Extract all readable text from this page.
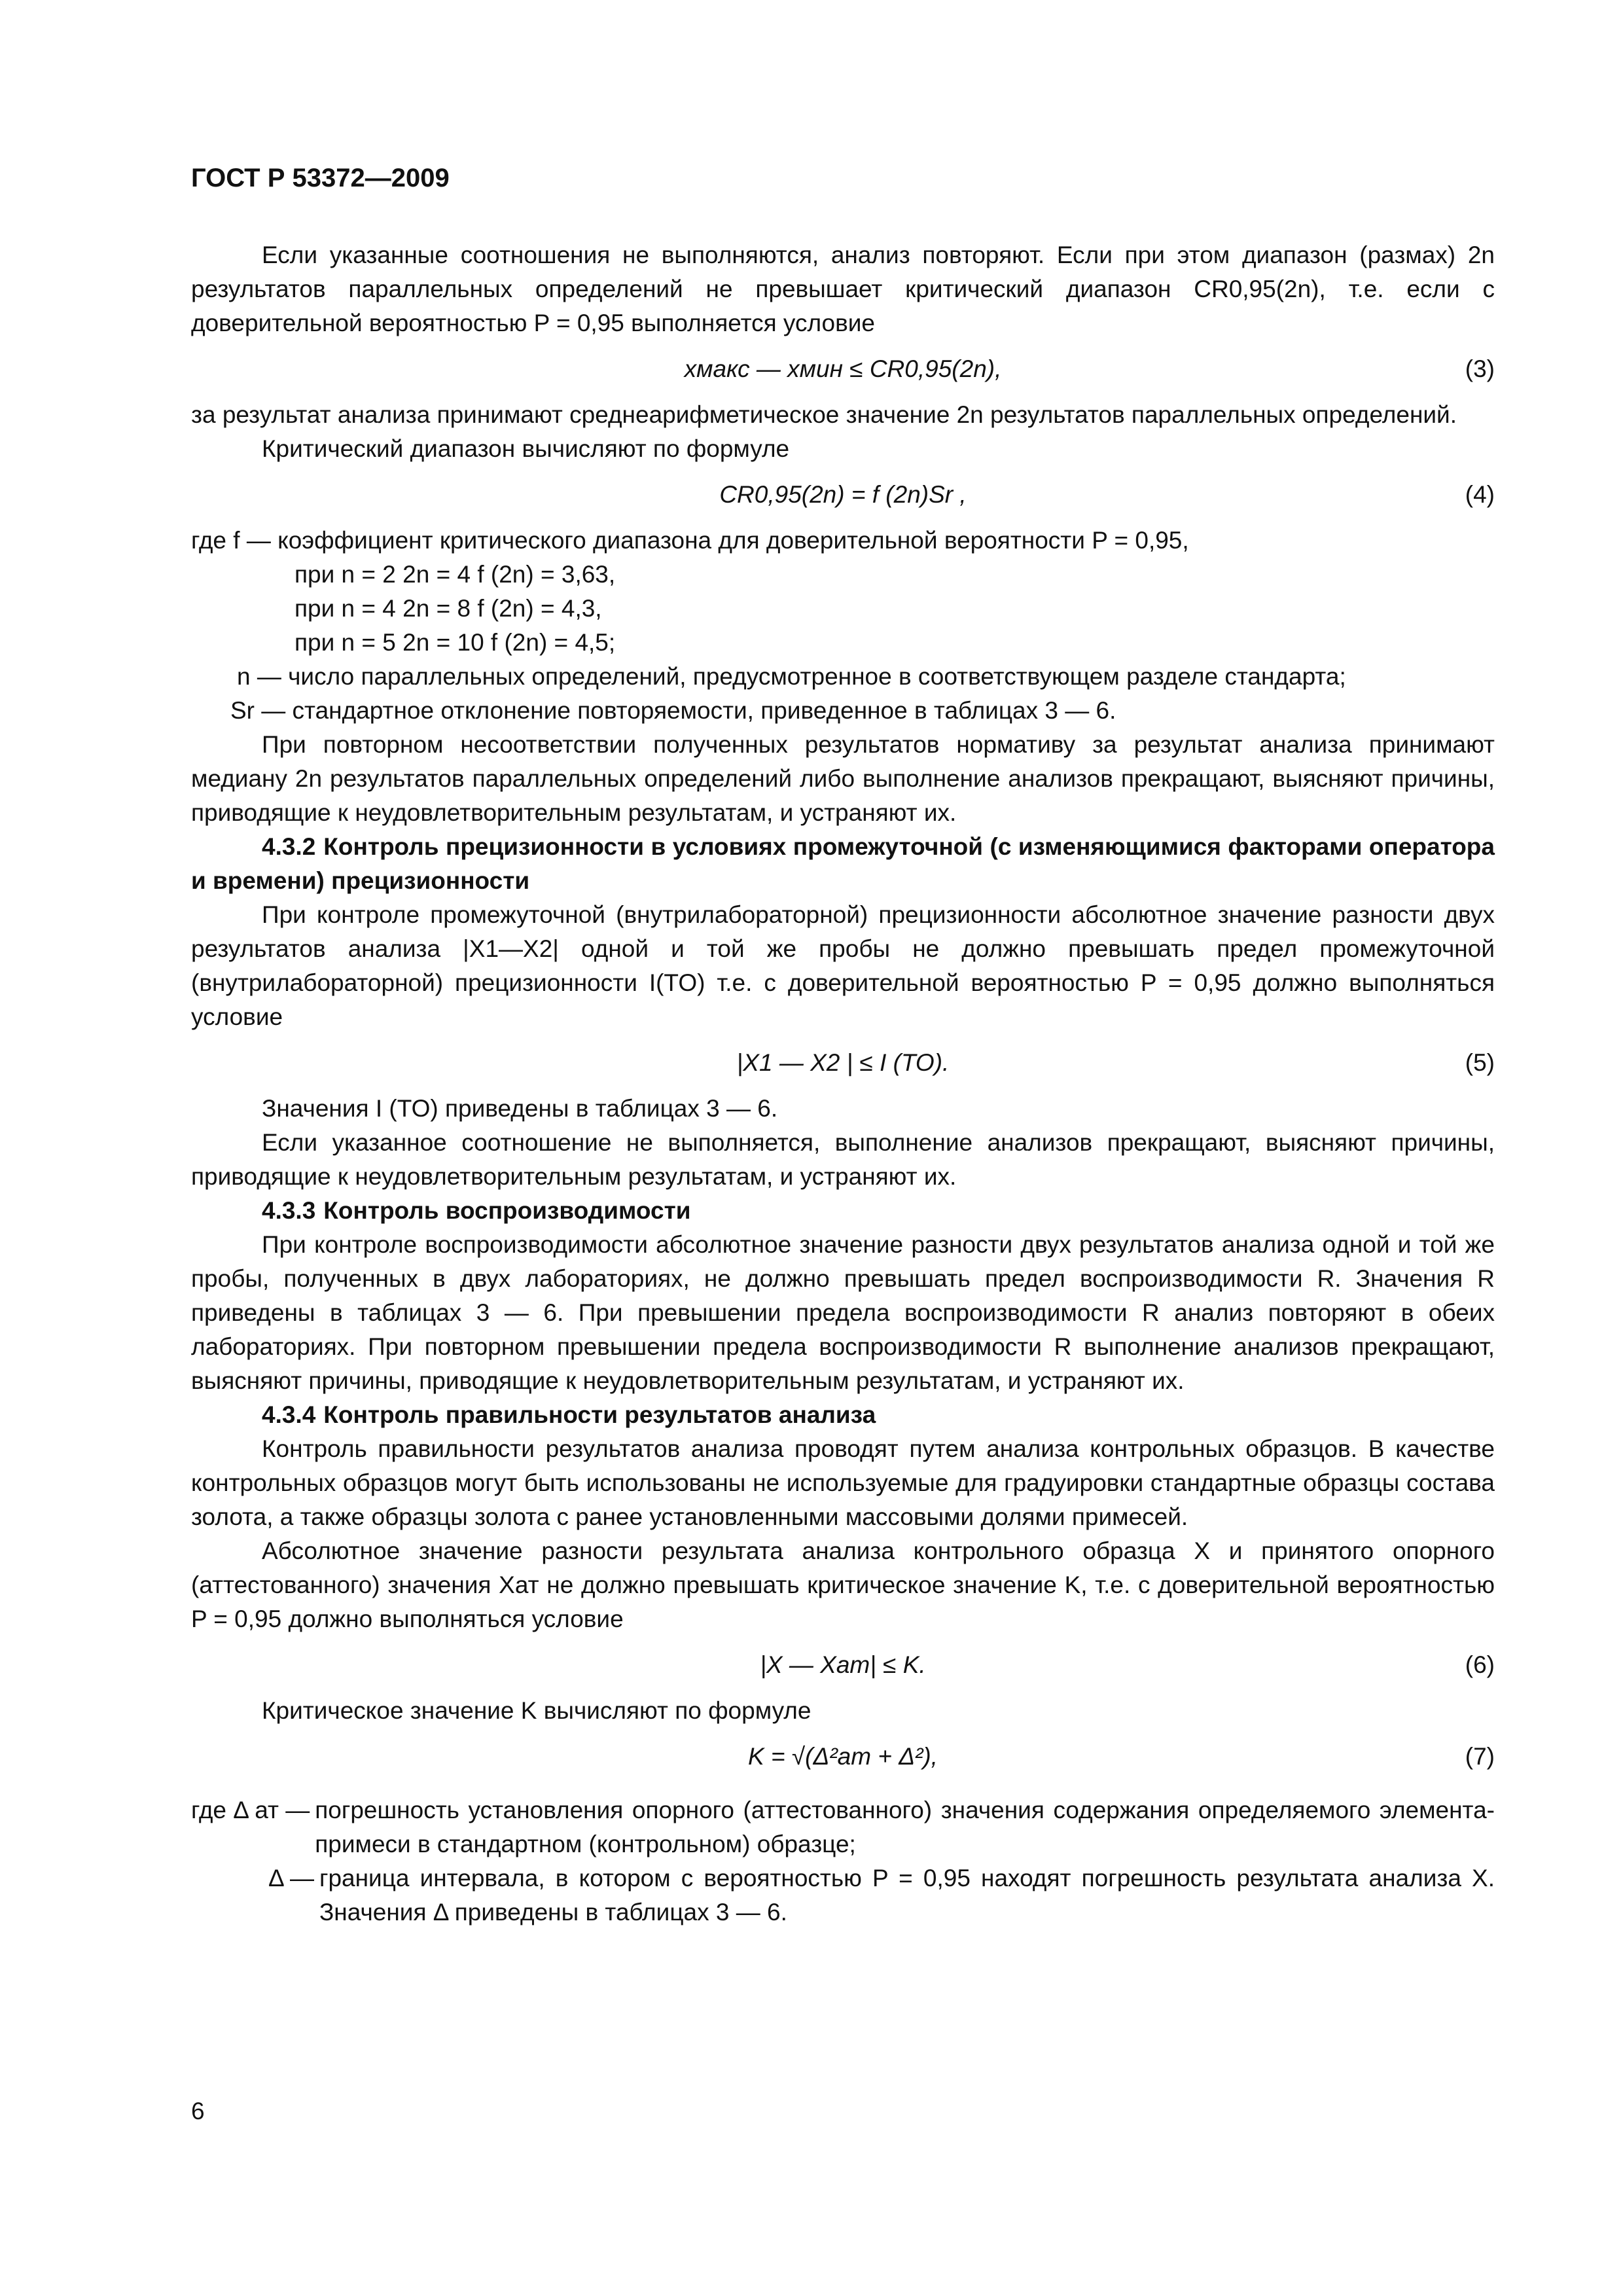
ГОСТ Р 53372—2009

Если указанные соотношения не выполняются, анализ повторяют. Если при этом диапазон (размах) 2n результатов параллельных определений не превышает критический диапазон CR0,95(2n), т.е. если с доверительной вероятностью P = 0,95 выполняется условие

xмакс — xмин ≤ CR0,95(2n),	(3)

за результат анализа принимают среднеарифметическое значение 2n результатов параллельных определений.

Критический диапазон вычисляют по формуле

CR0,95(2n) = f (2n)Sr ,	(4)

где f — коэффициент критического диапазона для доверительной вероятности P = 0,95,

при n = 2 2n = 4 f (2n) = 3,63,
при n = 4 2n = 8 f (2n) = 4,3,
при n = 5 2n = 10 f (2n) = 4,5;

n — число параллельных определений, предусмотренное в соответствующем разделе стандарта;

Sr — стандартное отклонение повторяемости, приведенное в таблицах 3 — 6.

При повторном несоответствии полученных результатов нормативу за результат анализа принимают медиану 2n результатов параллельных определений либо выполнение анализов прекращают, выясняют причины, приводящие к неудовлетворительным результатам, и устраняют их.

4.3.2 Контроль прецизионности в условиях промежуточной (с изменяющимися факторами оператора и времени) прецизионности

При контроле промежуточной (внутрилабораторной) прецизионности абсолютное значение разности двух результатов анализа |X1—X2| одной и той же пробы не должно превышать предел промежуточной (внутрилабораторной) прецизионности I(TO) т.е. с доверительной вероятностью P = 0,95 должно выполняться условие

|X1 — X2 | ≤ I (TO).	(5)

Значения I (TO) приведены в таблицах 3 — 6.

Если указанное соотношение не выполняется, выполнение анализов прекращают, выясняют причины, приводящие к неудовлетворительным результатам, и устраняют их.

4.3.3 Контроль воспроизводимости

При контроле воспроизводимости абсолютное значение разности двух результатов анализа одной и той же пробы, полученных в двух лабораториях, не должно превышать предел воспроизводимости R. Значения R приведены в таблицах 3 — 6. При превышении предела воспроизводимости R анализ повторяют в обеих лабораториях. При повторном превышении предела воспроизводимости R выполнение анализов прекращают, выясняют причины, приводящие к неудовлетворительным результатам, и устраняют их.

4.3.4 Контроль правильности результатов анализа

Контроль правильности результатов анализа проводят путем анализа контрольных образцов. В качестве контрольных образцов могут быть использованы не используемые для градуировки стандартные образцы состава золота, а также образцы золота с ранее установленными массовыми долями примесей.

Абсолютное значение разности результата анализа контрольного образца X и принятого опорного (аттестованного) значения Xат не должно превышать критическое значение K, т.е. с доверительной вероятностью P = 0,95 должно выполняться условие

|X — Xат| ≤ K.	(6)

Критическое значение K вычисляют по формуле

K = √(Δ²ат + Δ²),	(7)
где Δ ат — погрешность установления опорного (аттестованного) значения содержания определяемого элемента-примеси в стандартном (контрольном) образце;
Δ — граница интервала, в котором с вероятностью P = 0,95 находят погрешность результата анализа X. Значения Δ приведены в таблицах 3 — 6.
6
